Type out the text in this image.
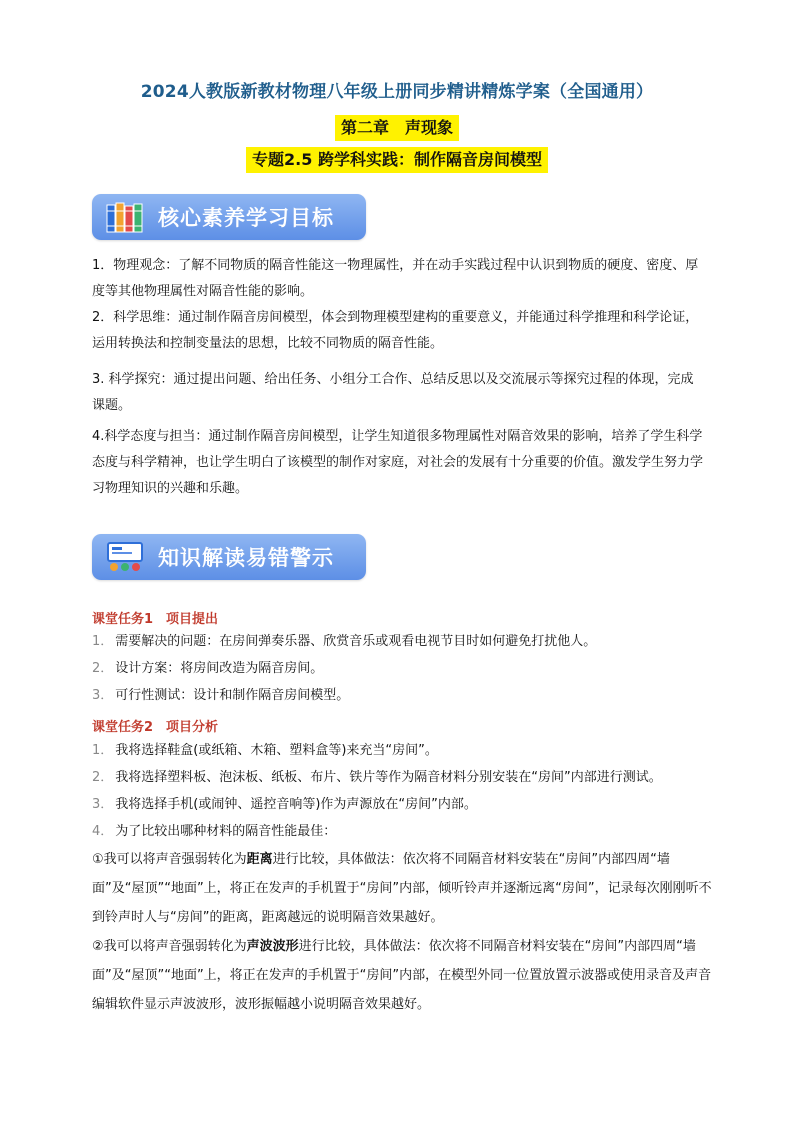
2024人教版新教材物理八年级上册同步精讲精炼学案（全国通用）
第二章　声现象
专题2.5 跨学科实践：制作隔音房间模型
核心素养学习目标
1．物理观念：了解不同物质的隔音性能这一物理属性，并在动手实践过程中认识到物质的硬度、密度、厚度等其他物理属性对隔音性能的影响。
2．科学思维：通过制作隔音房间模型，体会到物理模型建构的重要意义，并能通过科学推理和科学论证，运用转换法和控制变量法的思想，比较不同物质的隔音性能。
3. 科学探究：通过提出问题、给出任务、小组分工合作、总结反思以及交流展示等探究过程的体现，完成课题。
4.科学态度与担当：通过制作隔音房间模型，让学生知道很多物理属性对隔音效果的影响，培养了学生科学态度与科学精神，也让学生明白了该模型的制作对家庭，对社会的发展有十分重要的价值。激发学生努力学习物理知识的兴趣和乐趣。
知识解读易错警示
课堂任务1　项目提出
1． 需要解决的问题：在房间弹奏乐器、欣赏音乐或观看电视节目时如何避免打扰他人。
2． 设计方案：将房间改造为隔音房间。
3． 可行性测试：设计和制作隔音房间模型。
课堂任务2　项目分析
1． 我将选择鞋盒(或纸箱、木箱、塑料盒等)来充当“房间”。
2． 我将选择塑料板、泡沫板、纸板、布片、铁片等作为隔音材料分别安装在“房间”内部进行测试。
3． 我将选择手机(或闹钟、遥控音响等)作为声源放在“房间”内部。
4． 为了比较出哪种材料的隔音性能最佳：
①我可以将声音强弱转化为距离进行比较，具体做法：依次将不同隔音材料安装在“房间”内部四周“墙面”及“屋顶”“地面”上，将正在发声的手机置于“房间”内部，倾听铃声并逐渐远离“房间”，记录每次刚刚听不到铃声时人与“房间”的距离，距离越远的说明隔音效果越好。
②我可以将声音强弱转化为声波波形进行比较，具体做法：依次将不同隔音材料安装在“房间”内部四周“墙面”及“屋顶”“地面”上，将正在发声的手机置于“房间”内部，在模型外同一位置放置示波器或使用录音及声音编辑软件显示声波波形，波形振幅越小说明隔音效果越好。
